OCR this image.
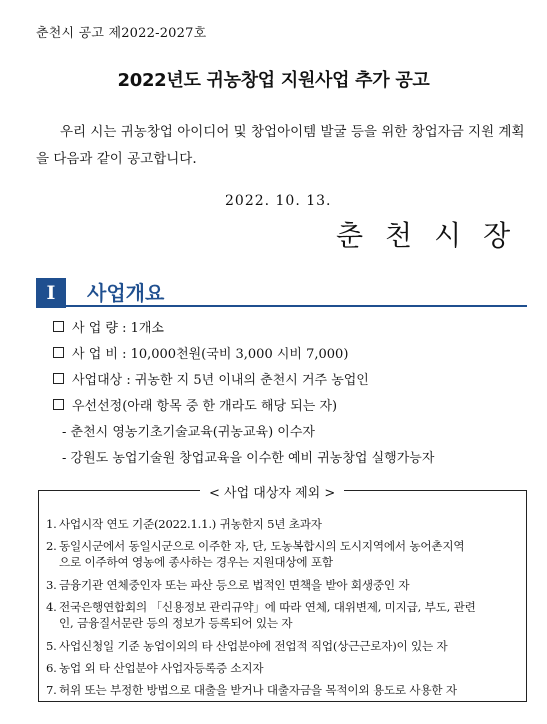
춘천시 공고 제2022-2027호
2022년도 귀농창업 지원사업 추가 공고
우리 시는 귀농창업 아이디어 및 창업아이템 발굴 등을 위한 창업자금 지원 계획을 다음과 같이 공고합니다.
2022. 10. 13.
춘천시장
I	사업개요
사 업 량 : 1개소
사 업 비 : 10,000천원(국비 3,000 시비 7,000)
사업대상 : 귀농한 지 5년 이내의 춘천시 거주 농업인
우선선정(아래 항목 중 한 개라도 해당 되는 자)
- 춘천시 영농기초기술교육(귀농교육) 이수자
- 강원도 농업기술원 창업교육을 이수한 예비 귀농창업 실행가능자
< 사업 대상자 제외 >
1. 사업시작 연도 기준(2022.1.1.) 귀농한지 5년 초과자
2. 동일시군에서 동일시군으로 이주한 자, 단, 도농복합시의 도시지역에서 농어촌지역
으로 이주하여 영농에 종사하는 경우는 지원대상에 포함
3. 금융기관 연체중인자 또는 파산 등으로 법적인 면책을 받아 회생중인 자
4. 전국은행연합회의 「신용정보 관리규약」에 따라 연체, 대위변제, 미지급, 부도, 관련
인, 금융질서문란 등의 정보가 등록되어 있는 자
5. 사업신청일 기준 농업이외의 타 산업분야에 전업적 직업(상근근로자)이 있는 자
6. 농업 외 타 산업분야 사업자등록증 소지자
7. 허위 또는 부정한 방법으로 대출을 받거나 대출자금을 목적이외 용도로 사용한 자
